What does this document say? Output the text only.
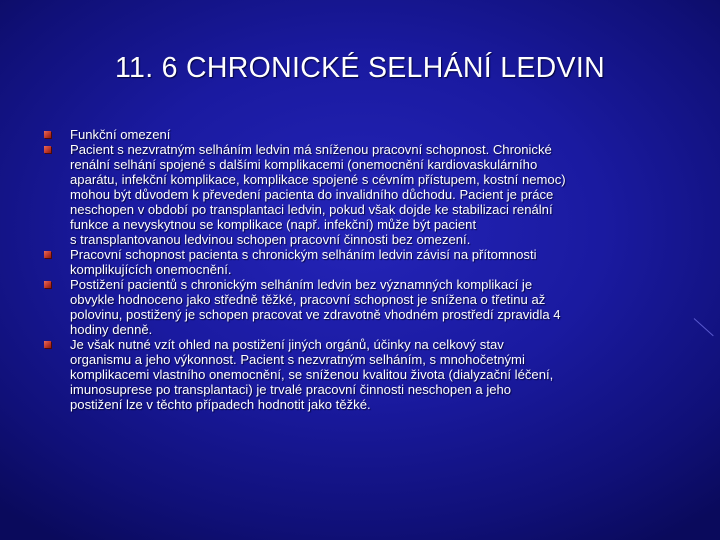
11. 6 CHRONICKÉ SELHÁNÍ LEDVIN
Funkční omezení
Pacient s nezvratným selháním ledvin má sníženou pracovní schopnost. Chronické
renální selhání spojené s dalšími komplikacemi (onemocnění kardiovaskulárního
aparátu, infekční komplikace, komplikace spojené s cévním přístupem, kostní nemoc)
mohou být důvodem k převedení pacienta do invalidního důchodu. Pacient je práce
neschopen v období po transplantaci ledvin, pokud však dojde ke stabilizaci renální
funkce a nevyskytnou se komplikace (např. infekční) může být pacient
s transplantovanou ledvinou schopen pracovní činnosti bez omezení.
Pracovní schopnost pacienta s chronickým selháním ledvin závisí na přítomnosti
komplikujících onemocnění.
Postižení pacientů s chronickým selháním ledvin bez významných komplikací je
obvykle hodnoceno jako středně těžké, pracovní schopnost je snížena o třetinu až
polovinu, postižený je schopen pracovat ve zdravotně vhodném prostředí zpravidla 4
hodiny denně.
Je však nutné vzít ohled na postižení jiných orgánů, účinky na celkový stav
organismu a jeho výkonnost. Pacient s nezvratným selháním, s mnohočetnými
komplikacemi vlastního onemocnění, se sníženou kvalitou života (dialyzační léčení,
imunosuprese po transplantaci) je trvalé pracovní činnosti neschopen a jeho
postižení lze v těchto případech hodnotit jako těžké.
